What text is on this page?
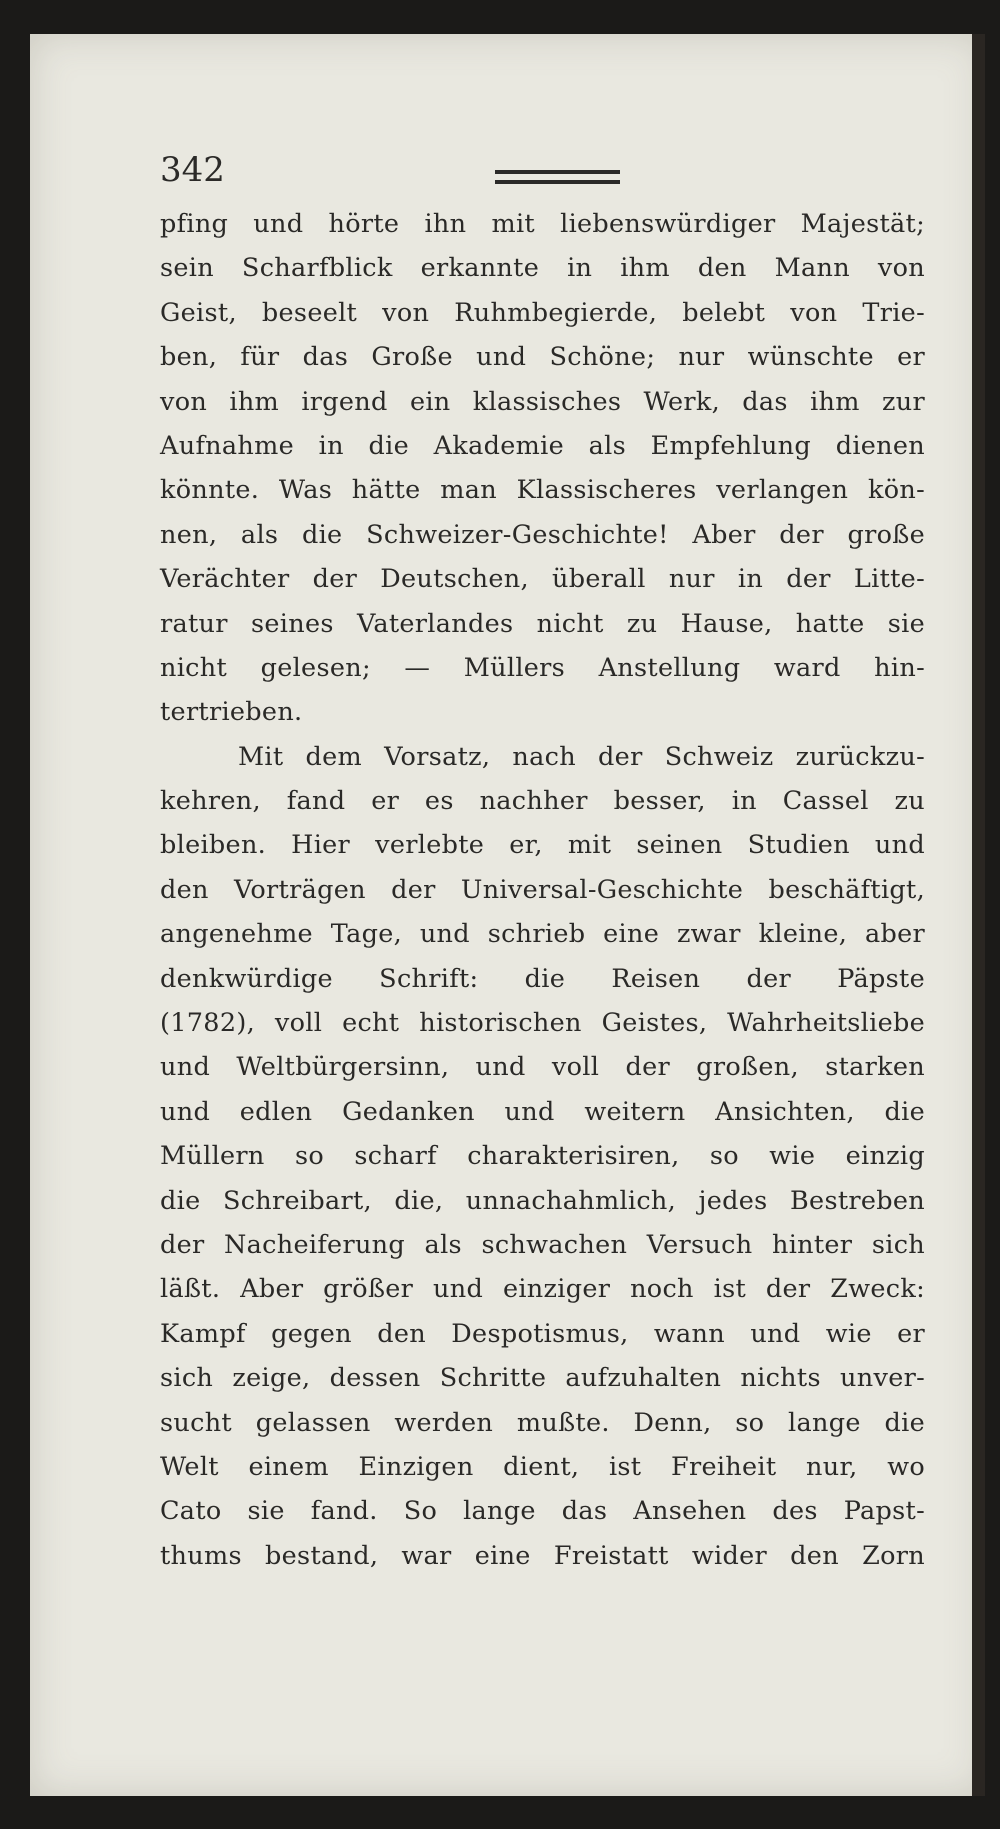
342
pfing und hörte ihn mit liebenswürdiger Majestät;
sein Scharfblick erkannte in ihm den Mann von
Geist, beseelt von Ruhmbegierde, belebt von Trie-
ben, für das Große und Schöne; nur wünschte er
von ihm irgend ein klassisches Werk, das ihm zur
Aufnahme in die Akademie als Empfehlung dienen
könnte. Was hätte man Klassischeres verlangen kön-
nen, als die Schweizer-Geschichte! Aber der große
Verächter der Deutschen, überall nur in der Litte-
ratur seines Vaterlandes nicht zu Hause, hatte sie
nicht gelesen; — Müllers Anstellung ward hin-
tertrieben.
Mit dem Vorsatz, nach der Schweiz zurückzu-
kehren, fand er es nachher besser, in Cassel zu
bleiben. Hier verlebte er, mit seinen Studien und
den Vorträgen der Universal-Geschichte beschäftigt,
angenehme Tage, und schrieb eine zwar kleine, aber
denkwürdige Schrift: die Reisen der Päpste
(1782), voll echt historischen Geistes, Wahrheitsliebe
und Weltbürgersinn, und voll der großen, starken
und edlen Gedanken und weitern Ansichten, die
Müllern so scharf charakterisiren, so wie einzig
die Schreibart, die, unnachahmlich, jedes Bestreben
der Nacheiferung als schwachen Versuch hinter sich
läßt. Aber größer und einziger noch ist der Zweck:
Kampf gegen den Despotismus, wann und wie er
sich zeige, dessen Schritte aufzuhalten nichts unver-
sucht gelassen werden mußte. Denn, so lange die
Welt einem Einzigen dient, ist Freiheit nur, wo
Cato sie fand. So lange das Ansehen des Papst-
thums bestand, war eine Freistatt wider den Zorn
